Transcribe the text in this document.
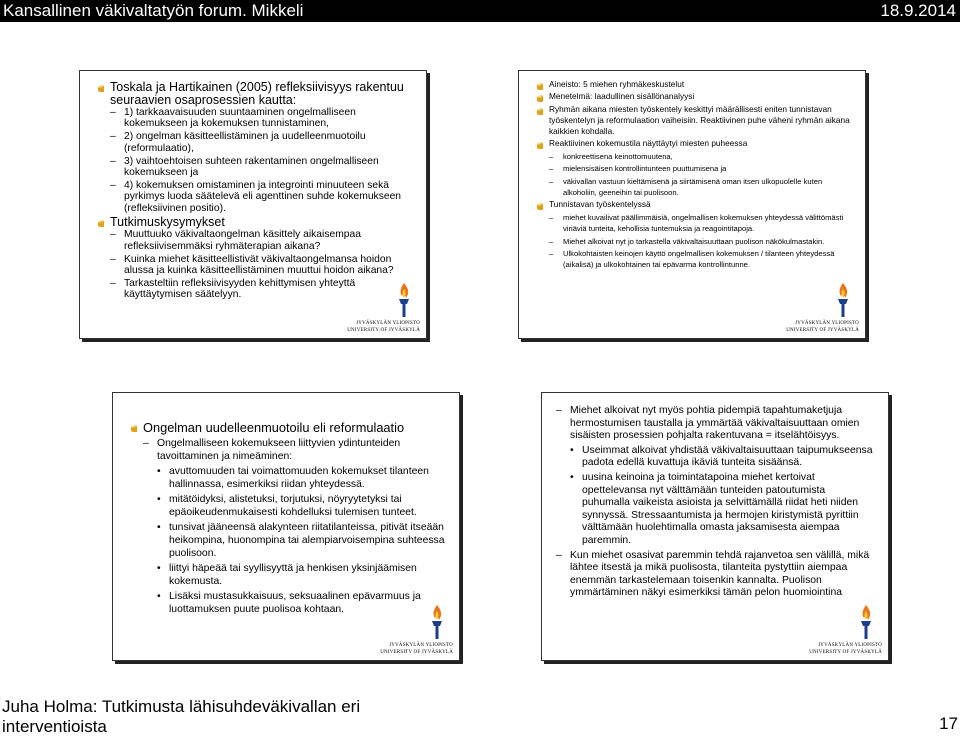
Kansallinen väkivaltatyön forum. Mikkeli	18.9.2014
Toskala ja Hartikainen (2005) refleksiivisyys rakentuu seuraavien osaprosessien kautta:
– 1) tarkkaavaisuuden suuntaaminen ongelmalliseen kokemukseen ja kokemuksen tunnistaminen,
– 2) ongelman käsitteellistäminen ja uudelleenmuotoilu (reformulaatio),
– 3) vaihtoehtoisen suhteen rakentaminen ongelmalliseen kokemukseen ja
– 4) kokemuksen omistaminen ja integrointi minuuteen sekä pyrkimys luoda säätelevä eli agenttinen suhde kokemukseen (refleksiivinen positio).
Tutkimuskysymykset
– Muuttuuko väkivaltaongelman käsittely aikaisempaa refleksiivisemmäksi ryhmäterapian aikana?
– Kuinka miehet käsitteellistivät väkivaltaongelmansa hoidon alussa ja kuinka käsitteellistäminen muuttui hoidon aikana?
– Tarkasteltiin refleksiivisyyden kehittymisen yhteyttä käyttäytymisen säätelyyn.
JYVÄSKYLÄN YLIOPISTO
UNIVERSITY OF JYVÄSKYLÄ
Aineisto: 5 miehen ryhmäkeskustelut
Menetelmä: laadullinen sisällönanalyysi
Ryhmän aikana miesten työskentely keskittyi määrällisesti eniten tunnistavan työskentelyn ja reformulaation vaiheisiin. Reaktiivinen puhe väheni ryhmän aikana kaikkien kohdalla.
Reaktiivinen kokemustila näyttäytyi miesten puheessa
– konkreettisena keinottomuutena,
– mielensisäisen kontrollintunteen puuttumisena ja
– väkivallan vastuun kieltämisenä ja siirtämisenä oman itsen ulkopuolelle kuten alkoholiin, geeneihin tai puolisoon.
Tunnistavan työskentelyssä
– miehet kuvailivat päällimmäisiä, ongelmallisen kokemuksen yhteydessä välittömästi viriäviä tunteita, kehollisia tuntemuksia ja reagointitapoja.
– Miehet alkoivat nyt jo tarkastella väkivaltaisuuttaan puolison näkökulmastakin.
– Ulkokohtaisten keinojen käyttö ongelmallisen kokemuksen / tilanteen yhteydessä (aikalisä) ja ulkokohtainen tai epävarma kontrollintunne.
JYVÄSKYLÄN YLIOPISTO
UNIVERSITY OF JYVÄSKYLÄ
Ongelman uudelleenmuotoilu eli reformulaatio
– Ongelmalliseen kokemukseen liittyvien ydintunteiden tavoittaminen ja nimeäminen:
• avuttomuuden tai voimattomuuden kokemukset tilanteen hallinnassa, esimerkiksi riidan yhteydessä.
• mitätöidyksi, alistetuksi, torjutuksi, nöyryytetyksi tai epäoikeudenmukaisesti kohdelluksi tulemisen tunteet.
• tunsivat jääneensä alakynteen riitatilanteissa, pitivät itseään heikompina, huonompina tai alempiarvoisempina suhteessa puolisoon.
• liittyi häpeää tai syyllisyyttä ja henkisen yksinjäämisen kokemusta.
• Lisäksi mustasukkaisuus, seksuaalinen epävarmuus ja luottamuksen puute puolisoa kohtaan.
JYVÄSKYLÄN YLIOPISTO
UNIVERSITY OF JYVÄSKYLÄ
– Miehet alkoivat nyt myös pohtia pidempiä tapahtumaketjuja hermostumisen taustalla ja ymmärtää väkivaltaisuuttaan omien sisäisten prosessien pohjalta rakentuvana = itselähtöisyys.
• Useimmat alkoivat yhdistää väkivaltaisuuttaan taipumukseensa padota edellä kuvattuja ikäviä tunteita sisäänsä.
• uusina keinoina ja toimintatapoina miehet kertoivat opettelevansa nyt välttämään tunteiden patoutumista puhumalla vaikeista asioista ja selvittämällä riidat heti niiden synnyssä. Stressaantumista ja hermojen kiristymistä pyrittiin välttämään huolehtimalla omasta jaksamisesta aiempaa paremmin.
– Kun miehet osasivat paremmin tehdä rajanvetoa sen välillä, mikä lähtee itsestä ja mikä puolisosta, tilanteita pystyttiin aiempaa enemmän tarkastelemaan toisenkin kannalta. Puolison ymmärtäminen näkyi esimerkiksi tämän pelon huomiointina
JYVÄSKYLÄN YLIOPISTO
UNIVERSITY OF JYVÄSKYLÄ
Juha Holma: Tutkimusta lähisuhdeväkivallan eri interventioista	17
